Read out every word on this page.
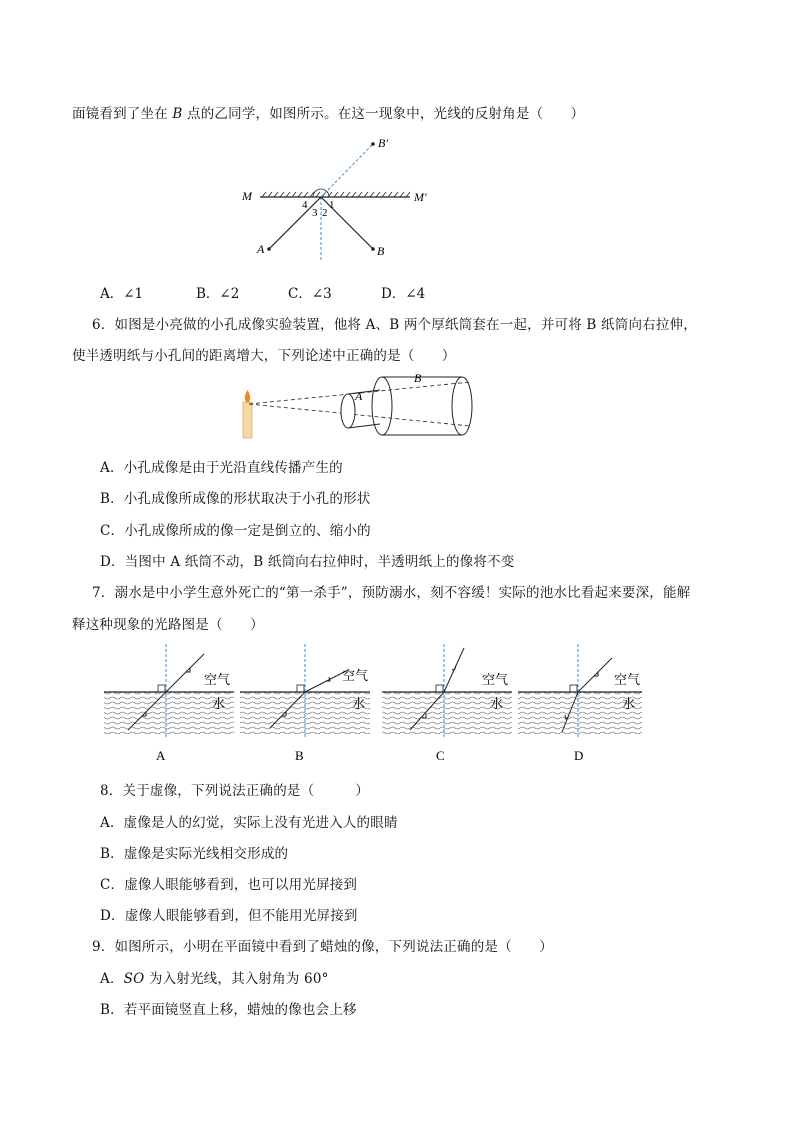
面镜看到了坐在 B 点的乙同学，如图所示。在这一现象中，光线的反射角是（　　）
M	M′
A	B
B′
1
2
3
4
A．∠1	B．∠2	C．∠3	D．∠4
6．如图是小亮做的小孔成像实验装置，他将 A、B 两个厚纸筒套在一起，并可将 B 纸筒向右拉伸，
使半透明纸与小孔间的距离增大，下列论述中正确的是（　　）
A
B
A．小孔成像是由于光沿直线传播产生的
B．小孔成像所成像的形状取决于小孔的形状
C．小孔成像所成的像一定是倒立的、缩小的
D．当图中 A 纸筒不动，B 纸筒向右拉伸时，半透明纸上的像将不变
7．溺水是中小学生意外死亡的“第一杀手”，预防溺水，刻不容缓！实际的池水比看起来要深，能解
释这种现象的光路图是（　　）
空气
水
A
空气
水
B
空气
水
C
空气
水
D
8．关于虚像，下列说法正确的是（　　　）
A．虚像是人的幻觉，实际上没有光进入人的眼睛
B．虚像是实际光线相交形成的
C．虚像人眼能够看到，也可以用光屏接到
D．虚像人眼能够看到，但不能用光屏接到
9．如图所示，小明在平面镜中看到了蜡烛的像，下列说法正确的是（　　）
A．SO 为入射光线，其入射角为 60°
B．若平面镜竖直上移，蜡烛的像也会上移
